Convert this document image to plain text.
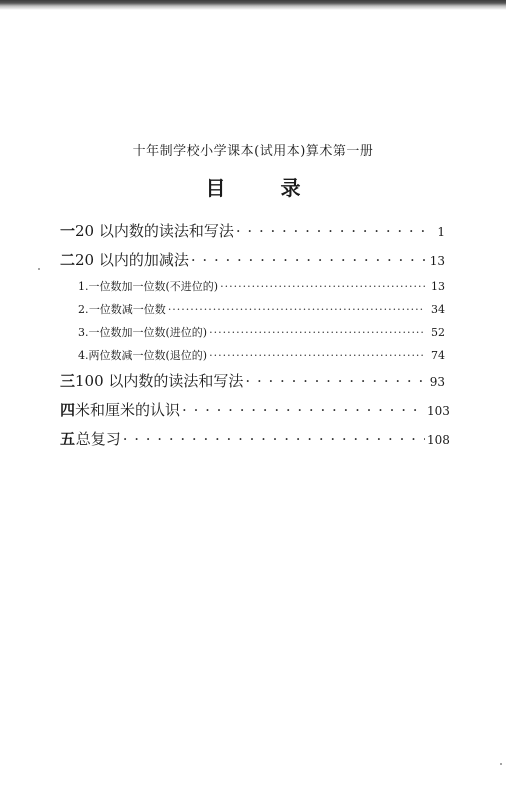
十年制学校小学课本(试用本)算术第一册
目 录
一 20 以内数的读法和写法 · · ·	1
二 20 以内的加减法 · · ·	13
1. 一位数加一位数(不进位的) ·····	13
2. 一位数减一位数 ·····	34
3. 一位数加一位数(进位的) ·····	52
4. 两位数减一位数(退位的) ·····	74
三 100 以内数的读法和写法 · · ·	93
四 米和厘米的认识 · · ·	103
五 总复习 · · ·	108
